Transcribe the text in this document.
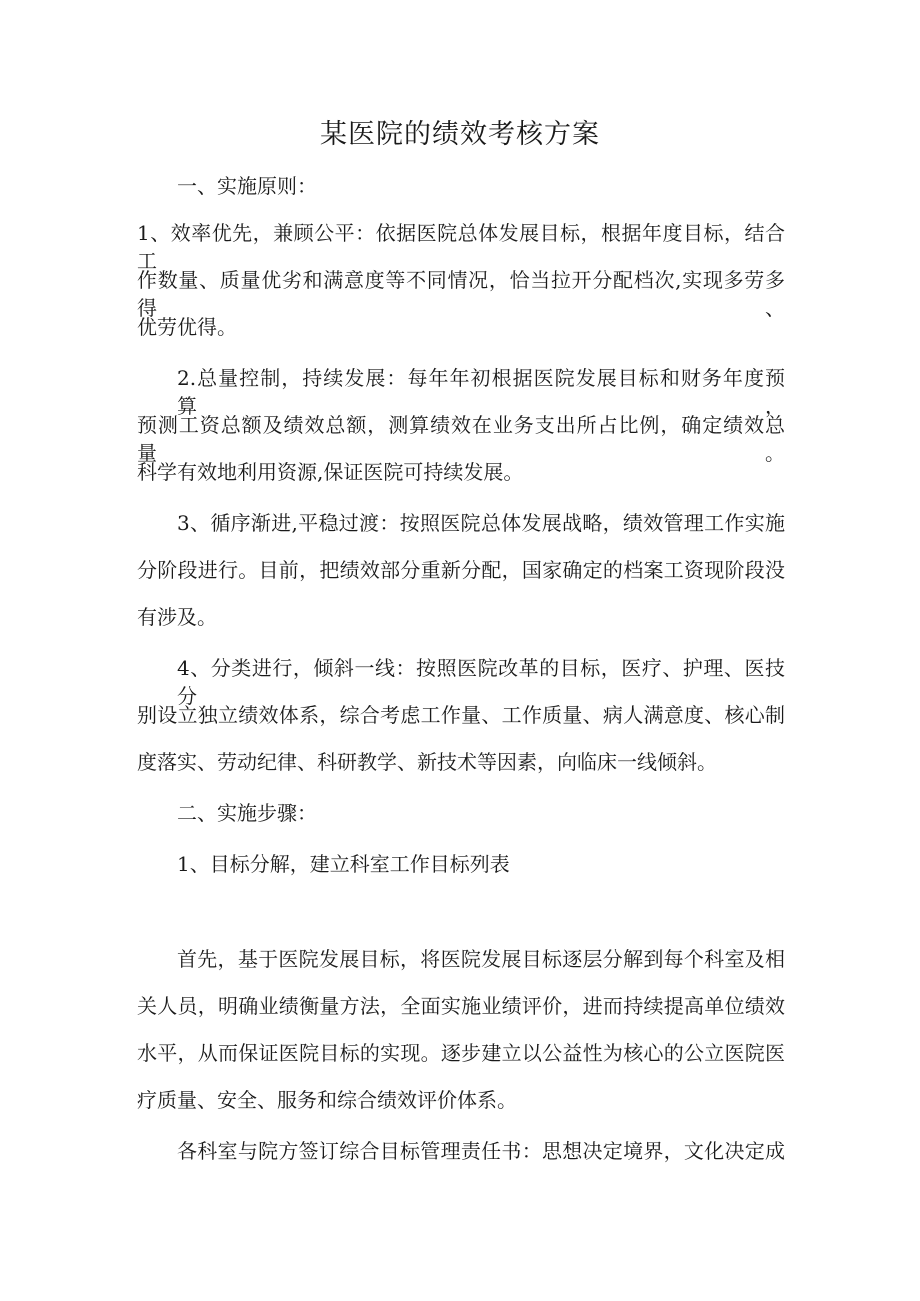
某医院的绩效考核方案

一、实施原则：

1、效率优先，兼顾公平：依据医院总体发展目标，根据年度目标，结合工

作数量、质量优劣和满意度等不同情况，恰当拉开分配档次,实现多劳多得、

优劳优得。

2.总量控制，持续发展：每年年初根据医院发展目标和财务年度预算，

预测工资总额及绩效总额，测算绩效在业务支出所占比例，确定绩效总量。

科学有效地利用资源,保证医院可持续发展。

3、循序渐进,平稳过渡：按照医院总体发展战略，绩效管理工作实施

分阶段进行。目前，把绩效部分重新分配，国家确定的档案工资现阶段没

有涉及。

4、分类进行，倾斜一线：按照医院改革的目标，医疗、护理、医技分

别设立独立绩效体系，综合考虑工作量、工作质量、病人满意度、核心制

度落实、劳动纪律、科研教学、新技术等因素，向临床一线倾斜。

二、实施步骤：

1、目标分解，建立科室工作目标列表

首先，基于医院发展目标，将医院发展目标逐层分解到每个科室及相

关人员，明确业绩衡量方法，全面实施业绩评价，进而持续提高单位绩效

水平，从而保证医院目标的实现。逐步建立以公益性为核心的公立医院医

疗质量、安全、服务和综合绩效评价体系。

各科室与院方签订综合目标管理责任书：思想决定境界，文化决定成
